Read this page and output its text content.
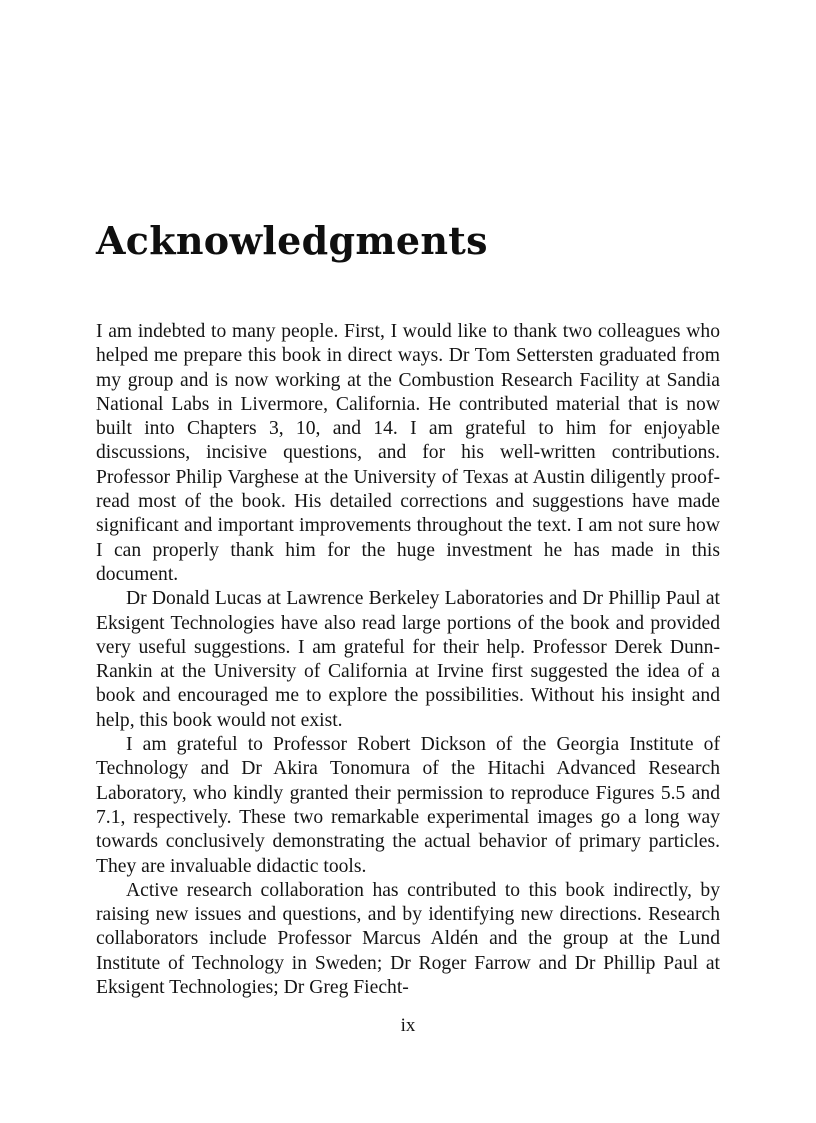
Acknowledgments

I am indebted to many people. First, I would like to thank two colleagues who helped me prepare this book in direct ways. Dr Tom Settersten graduated from my group and is now working at the Combustion Research Facility at Sandia National Labs in Livermore, California. He contributed material that is now built into Chapters 3, 10, and 14. I am grateful to him for enjoyable discussions, incisive questions, and for his well-written contributions. Professor Philip Varghese at the University of Texas at Austin diligently proof-read most of the book. His detailed corrections and suggestions have made significant and important improvements throughout the text. I am not sure how I can properly thank him for the huge investment he has made in this document.

Dr Donald Lucas at Lawrence Berkeley Laboratories and Dr Phillip Paul at Eksigent Technologies have also read large portions of the book and provided very useful suggestions. I am grateful for their help. Professor Derek Dunn-Rankin at the University of California at Irvine first suggested the idea of a book and encouraged me to explore the possibilities. Without his insight and help, this book would not exist.

I am grateful to Professor Robert Dickson of the Georgia Institute of Technology and Dr Akira Tonomura of the Hitachi Advanced Research Laboratory, who kindly granted their permission to reproduce Figures 5.5 and 7.1, respectively. These two remarkable experimental images go a long way towards conclusively demonstrating the actual behavior of primary particles. They are invaluable didactic tools.

Active research collaboration has contributed to this book indirectly, by raising new issues and questions, and by identifying new directions. Research collaborators include Professor Marcus Aldén and the group at the Lund Institute of Technology in Sweden; Dr Roger Farrow and Dr Phillip Paul at Eksigent Technologies; Dr Greg Fiecht-

ix
